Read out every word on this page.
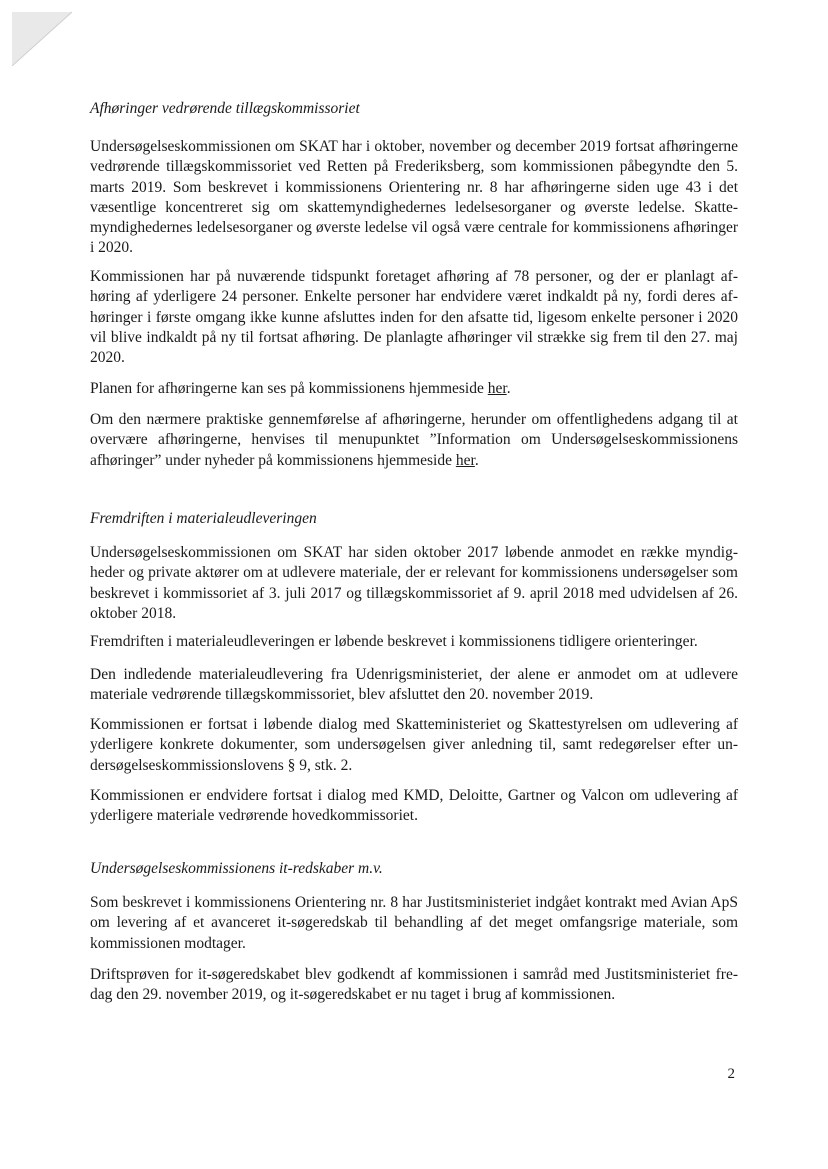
Afhøringer vedrørende tillægskommissoriet
Undersøgelseskommissionen om SKAT har i oktober, november og december 2019 fortsat afhøringerne vedrørende tillægskommissoriet ved Retten på Frederiksberg, som kommissionen påbegyndte den 5. marts 2019. Som beskrevet i kommissionens Orientering nr. 8 har afhøringerne siden uge 43 i det væsentlige koncentreret sig om skattemyndighedernes ledelsesorganer og øverste ledelse. Skattemyndighedernes ledelsesorganer og øverste ledelse vil også være centrale for kommissionens afhøringer i 2020.
Kommissionen har på nuværende tidspunkt foretaget afhøring af 78 personer, og der er planlagt afhøring af yderligere 24 personer. Enkelte personer har endvidere været indkaldt på ny, fordi deres afhøringer i første omgang ikke kunne afsluttes inden for den afsatte tid, ligesom enkelte personer i 2020 vil blive indkaldt på ny til fortsat afhøring. De planlagte afhøringer vil strække sig frem til den 27. maj 2020.
Planen for afhøringerne kan ses på kommissionens hjemmeside her.
Om den nærmere praktiske gennemførelse af afhøringerne, herunder om offentlighedens adgang til at overvære afhøringerne, henvises til menupunktet ”Information om Undersøgelseskommissionens afhøringer” under nyheder på kommissionens hjemmeside her.
Fremdriften i materialeudleveringen
Undersøgelseskommissionen om SKAT har siden oktober 2017 løbende anmodet en række myndigheder og private aktører om at udlevere materiale, der er relevant for kommissionens undersøgelser som beskrevet i kommissoriet af 3. juli 2017 og tillægskommissoriet af 9. april 2018 med udvidelsen af 26. oktober 2018.
Fremdriften i materialeudleveringen er løbende beskrevet i kommissionens tidligere orienteringer.
Den indledende materialeudlevering fra Udenrigsministeriet, der alene er anmodet om at udlevere materiale vedrørende tillægskommissoriet, blev afsluttet den 20. november 2019.
Kommissionen er fortsat i løbende dialog med Skatteministeriet og Skattestyrelsen om udlevering af yderligere konkrete dokumenter, som undersøgelsen giver anledning til, samt redegørelser efter undersøgelseskommissionslovens § 9, stk. 2.
Kommissionen er endvidere fortsat i dialog med KMD, Deloitte, Gartner og Valcon om udlevering af yderligere materiale vedrørende hovedkommissoriet.
Undersøgelseskommissionens it-redskaber m.v.
Som beskrevet i kommissionens Orientering nr. 8 har Justitsministeriet indgået kontrakt med Avian ApS om levering af et avanceret it-søgeredskab til behandling af det meget omfangsrige materiale, som kommissionen modtager.
Driftsprøven for it-søgeredskabet blev godkendt af kommissionen i samråd med Justitsministeriet fredag den 29. november 2019, og it-søgeredskabet er nu taget i brug af kommissionen.
2
